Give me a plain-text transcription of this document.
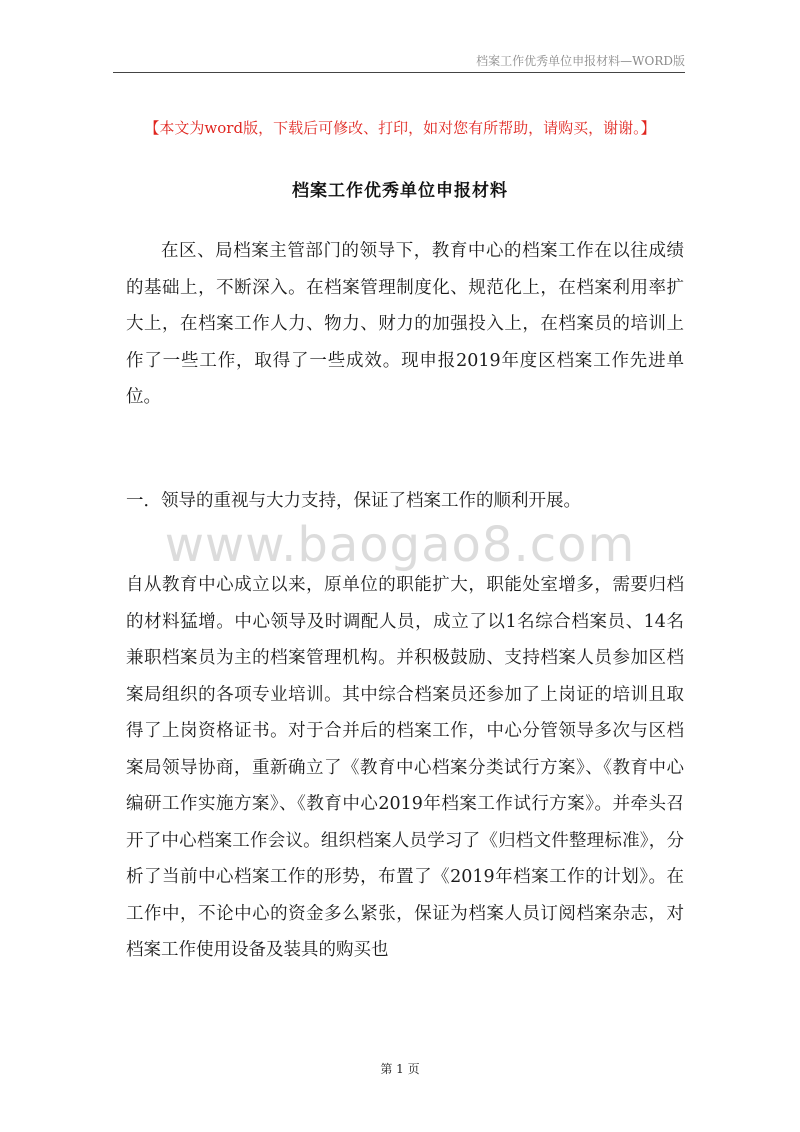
档案工作优秀单位申报材料—WORD版
【本文为word版，下载后可修改、打印，如对您有所帮助，请购买，谢谢。】
档案工作优秀单位申报材料
在区、局档案主管部门的领导下，教育中心的档案工作在以往成绩的基础上，不断深入。在档案管理制度化、规范化上，在档案利用率扩大上，在档案工作人力、物力、财力的加强投入上，在档案员的培训上作了一些工作，取得了一些成效。现申报2019年度区档案工作先进单位。
一．领导的重视与大力支持，保证了档案工作的顺利开展。
www.baogao8.com
自从教育中心成立以来，原单位的职能扩大，职能处室增多，需要归档的材料猛增。中心领导及时调配人员，成立了以1名综合档案员、14名兼职档案员为主的档案管理机构。并积极鼓励、支持档案人员参加区档案局组织的各项专业培训。其中综合档案员还参加了上岗证的培训且取得了上岗资格证书。对于合并后的档案工作，中心分管领导多次与区档案局领导协商，重新确立了《教育中心档案分类试行方案》、《教育中心编研工作实施方案》、《教育中心2019年档案工作试行方案》。并牵头召开了中心档案工作会议。组织档案人员学习了《归档文件整理标准》，分析了当前中心档案工作的形势，布置了《2019年档案工作的计划》。在工作中，不论中心的资金多么紧张，保证为档案人员订阅档案杂志，对档案工作使用设备及装具的购买也
第 1 页
